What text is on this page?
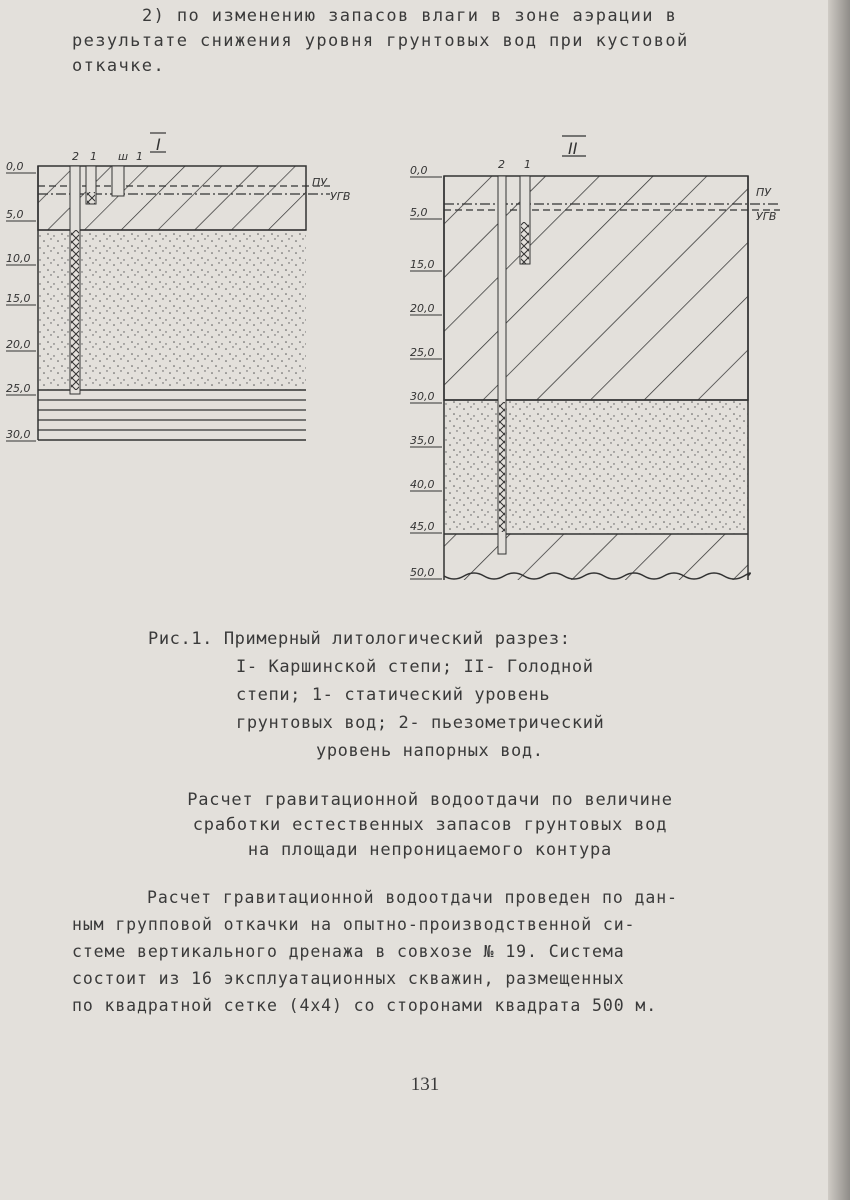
2) по изменению запасов влаги в зоне аэрации в
результате снижения уровня грунтовых вод при кустовой
откачке.
I
2 1 ш 1
ПУ
УГВ
0,0
5,0
10,0
15,0
20,0
25,0
30,0
II
2 1
ПУ
УГВ
0,0
5,0
15,0
20,0
25,0
30,0
35,0
40,0
45,0
50,0
Рис.1. Примерный литологический разрез:
I- Каршинской степи; II- Голодной
степи; 1- статический уровень
грунтовых вод; 2- пьезометрический
уровень напорных вод.
Расчет гравитационной водоотдачи по величине
сработки естественных запасов грунтовых вод
на площади непроницаемого контура
Расчет гравитационной водоотдачи проведен по дан-
ным групповой откачки на опытно-производственной си-
стеме вертикального дренажа в совхозе № 19. Система
состоит из 16 эксплуатационных скважин, размещенных
по квадратной сетке (4х4) со сторонами квадрата 500 м.
131
